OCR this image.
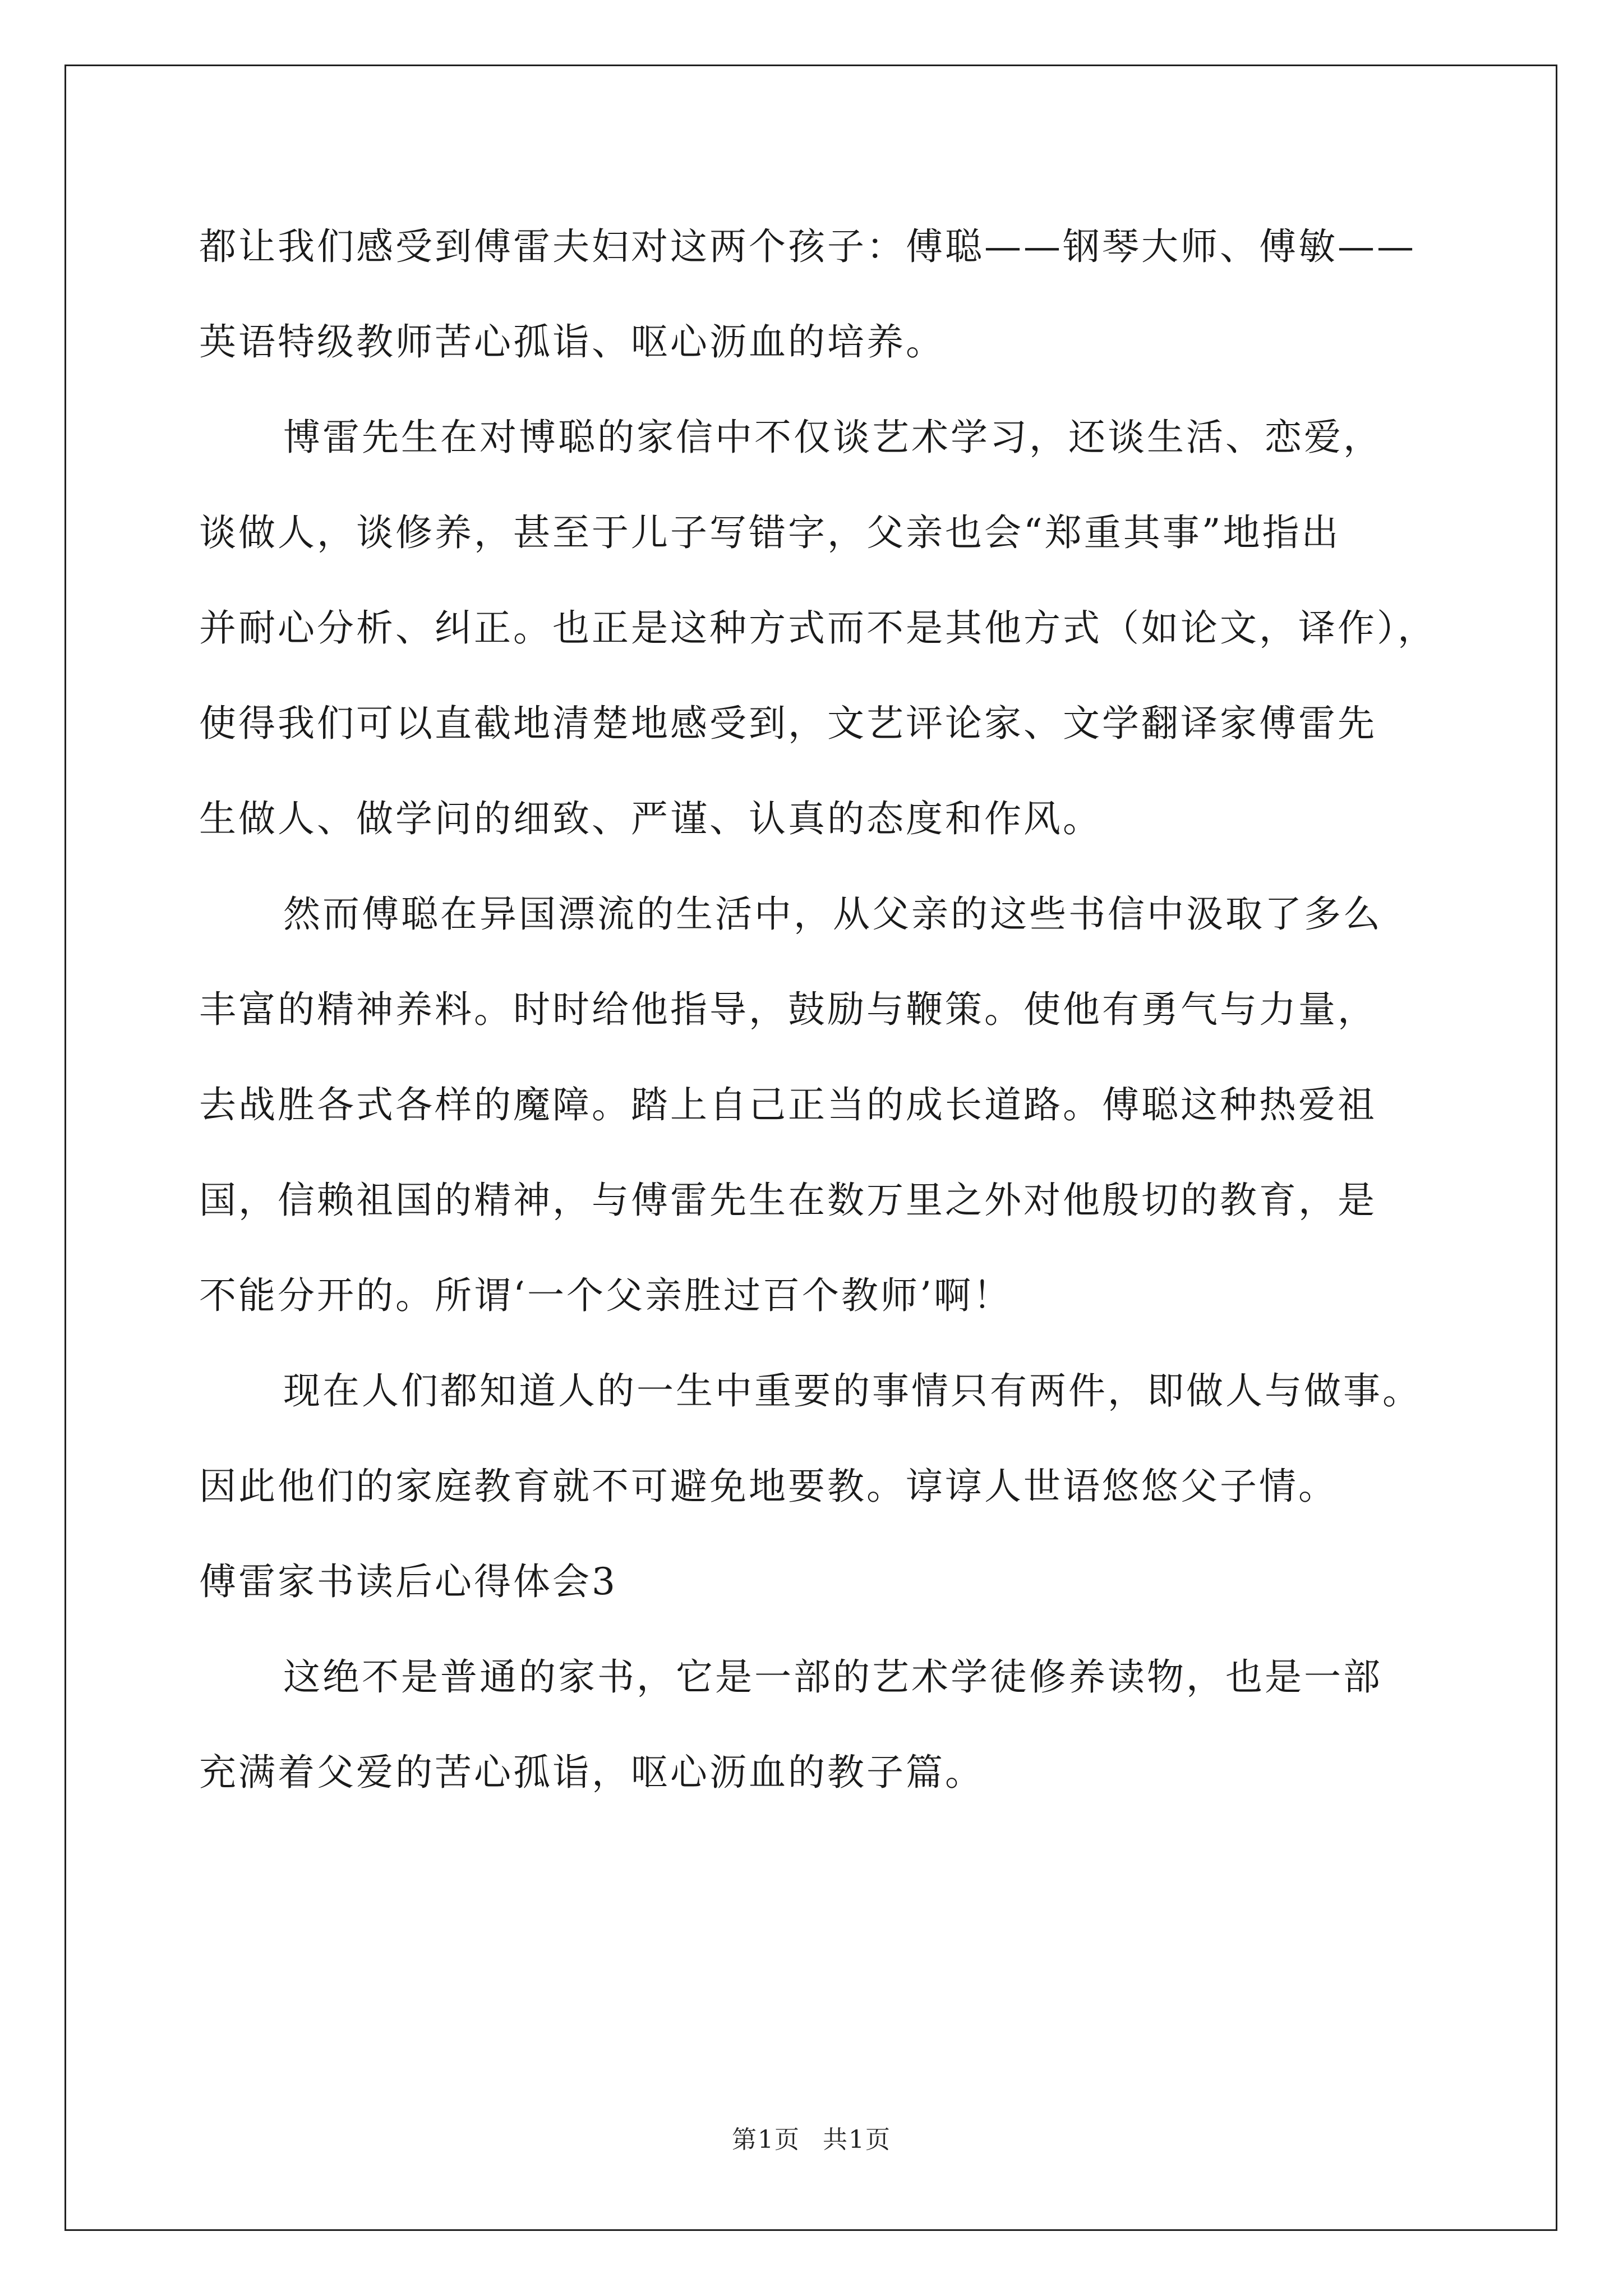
都让我们感受到傅雷夫妇对这两个孩子：傅聪——钢琴大师、傅敏——
英语特级教师苦心孤诣、呕心沥血的培养。
博雷先生在对博聪的家信中不仅谈艺术学习，还谈生活、恋爱，
谈做人，谈修养，甚至于儿子写错字，父亲也会“郑重其事”地指出
并耐心分析、纠正。也正是这种方式而不是其他方式（如论文，译作），
使得我们可以直截地清楚地感受到，文艺评论家、文学翻译家傅雷先
生做人、做学问的细致、严谨、认真的态度和作风。
然而傅聪在异国漂流的生活中，从父亲的这些书信中汲取了多么
丰富的精神养料。时时给他指导，鼓励与鞭策。使他有勇气与力量，
去战胜各式各样的魔障。踏上自己正当的成长道路。傅聪这种热爱祖
国，信赖祖国的精神，与傅雷先生在数万里之外对他殷切的教育，是
不能分开的。所谓‘一个父亲胜过百个教师’啊！
现在人们都知道人的一生中重要的事情只有两件，即做人与做事。
因此他们的家庭教育就不可避免地要教。谆谆人世语悠悠父子情。
傅雷家书读后心得体会3
这绝不是普通的家书，它是一部的艺术学徒修养读物，也是一部
充满着父爱的苦心孤诣，呕心沥血的教子篇。
第1页 共1页
